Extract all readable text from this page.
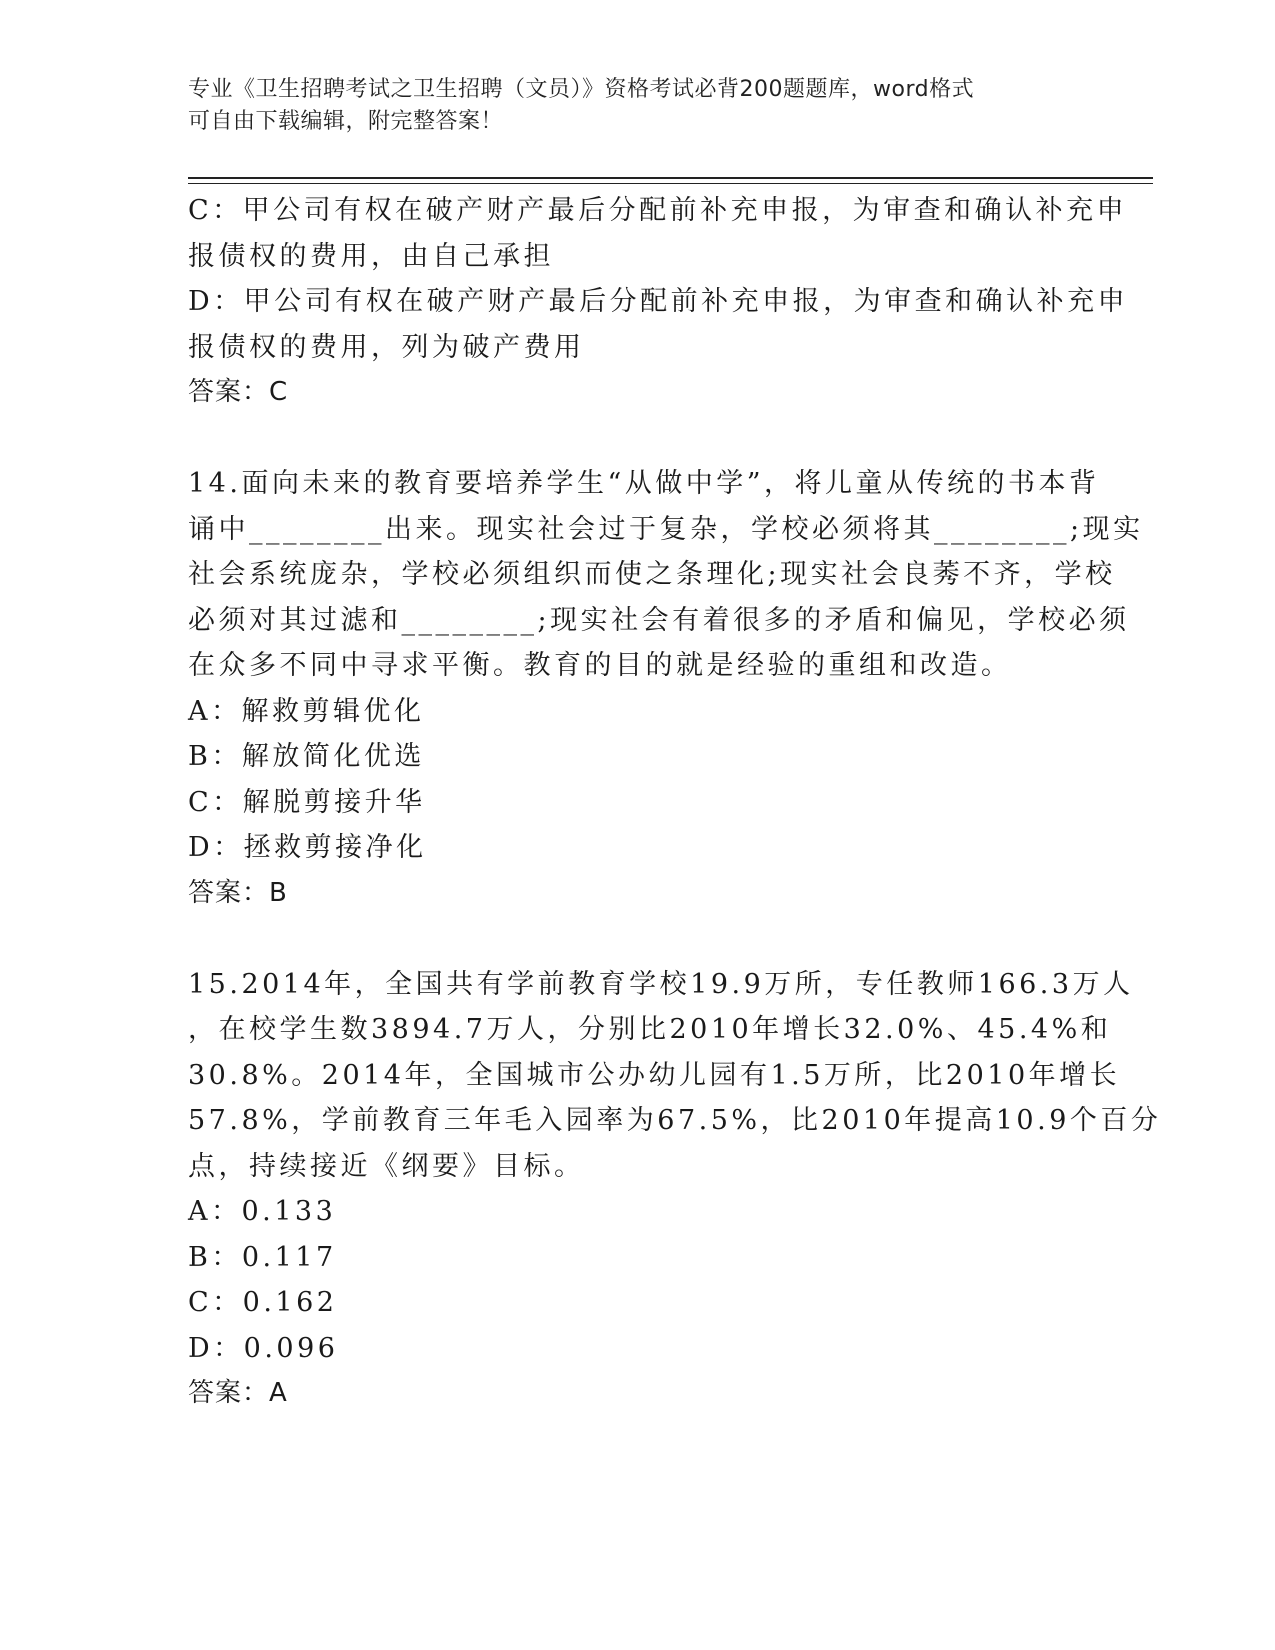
专业《卫生招聘考试之卫生招聘（文员）》资格考试必背200题题库，word格式
可自由下载编辑，附完整答案！
C：甲公司有权在破产财产最后分配前补充申报，为审查和确认补充申
报债权的费用，由自己承担
D：甲公司有权在破产财产最后分配前补充申报，为审查和确认补充申
报债权的费用，列为破产费用
答案：C
14.面向未来的教育要培养学生“从做中学”，将儿童从传统的书本背
诵中________出来。现实社会过于复杂，学校必须将其________;现实
社会系统庞杂，学校必须组织而使之条理化;现实社会良莠不齐，学校
必须对其过滤和________;现实社会有着很多的矛盾和偏见，学校必须
在众多不同中寻求平衡。教育的目的就是经验的重组和改造。
A：解救剪辑优化
B：解放简化优选
C：解脱剪接升华
D：拯救剪接净化
答案：B
15.2014年，全国共有学前教育学校19.9万所，专任教师166.3万人
，在校学生数3894.7万人，分别比2010年增长32.0%、45.4%和
30.8%。2014年，全国城市公办幼儿园有1.5万所，比2010年增长
57.8%，学前教育三年毛入园率为67.5%，比2010年提高10.9个百分
点，持续接近《纲要》目标。
A：0.133
B：0.117
C：0.162
D：0.096
答案：A
